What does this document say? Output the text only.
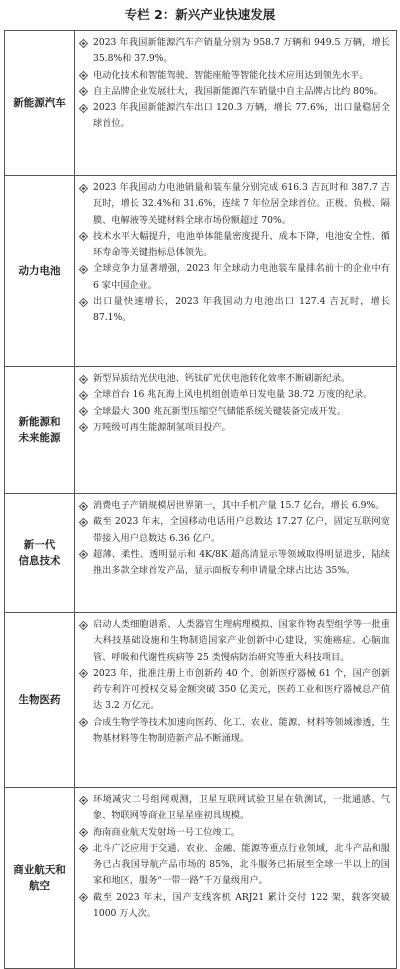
专栏 2：新兴产业快速发展
新能源汽车
2023 年我国新能源汽车产销量分别为 958.7 万辆和 949.5 万辆，增长 35.8%和 37.9%。
电动化技术和智能驾驶、智能座舱等智能化技术应用达到领先水平。
自主品牌企业发展壮大，我国新能源汽车销量中自主品牌占比约 80%。
2023 年我国新能源汽车出口 120.3 万辆，增长 77.6%，出口量稳居全球首位。
动力电池
2023 年我国动力电池销量和装车量分别完成 616.3 吉瓦时和 387.7 吉瓦时，增长 32.4%和 31.6%，连续 7 年位居全球首位。正极、负极、隔膜、电解液等关键材料全球市场份额超过 70%。
技术水平大幅提升，电池单体能量密度提升、成本下降，电池安全性、循环寿命等关键指标总体领先。
全球竞争力显著增强，2023 年全球动力电池装车量排名前十的企业中有 6 家中国企业。
出口量快速增长，2023 年我国动力电池出口 127.4 吉瓦时，增长 87.1%。
新能源和
未来能源
新型异质结光伏电池、钙钛矿光伏电池转化效率不断刷新纪录。
全球首台 16 兆瓦海上风电机组创造单日发电量 38.72 万度的纪录。
全球最大 300 兆瓦新型压缩空气储能系统关键装备完成开发。
万吨级可再生能源制氢项目投产。
新一代
信息技术
消费电子产销规模居世界第一，其中手机产量 15.7 亿台，增长 6.9%。
截至 2023 年末，全国移动电话用户总数达 17.27 亿户，固定互联网宽带接入用户总数达 6.36 亿户。
超薄、柔性、透明显示和 4K/8K 超高清显示等领域取得明显进步，陆续推出多款全球首发产品，显示面板专利申请量全球占比达 35%。
生物医药
启动人类细胞谱系、人类器官生理病理模拟、国家作物表型组学等一批重大科技基础设施和生物制造国家产业创新中心建设，实施癌症、心脑血管、呼吸和代谢性疾病等 25 类慢病防治研究等重大科技项目。
2023 年，批准注册上市创新药 40 个、创新医疗器械 61 个，国产创新药专利许可授权交易金额突破 350 亿美元，医药工业和医疗器械总产值达 3.2 万亿元。
合成生物学等技术加速向医药、化工、农业、能源、材料等领域渗透，生物基材料等生物制造新产品不断涌现。
商业航天和
航空
环境减灾二号组网观测，卫星互联网试验卫星在轨测试，一批通感、气象、物联网等商业卫星星座初具规模。
海南商业航天发射场一号工位竣工。
北斗广泛应用于交通、农业、金融、能源等重点行业领域，北斗产品和服务已占我国导航产品市场的 85%，北斗服务已拓展至全球一半以上的国家和地区，服务“一带一路”千万量级用户。
截至 2023 年末，国产支线客机 ARJ21 累计交付 122 架，载客突破 1000 万人次。
